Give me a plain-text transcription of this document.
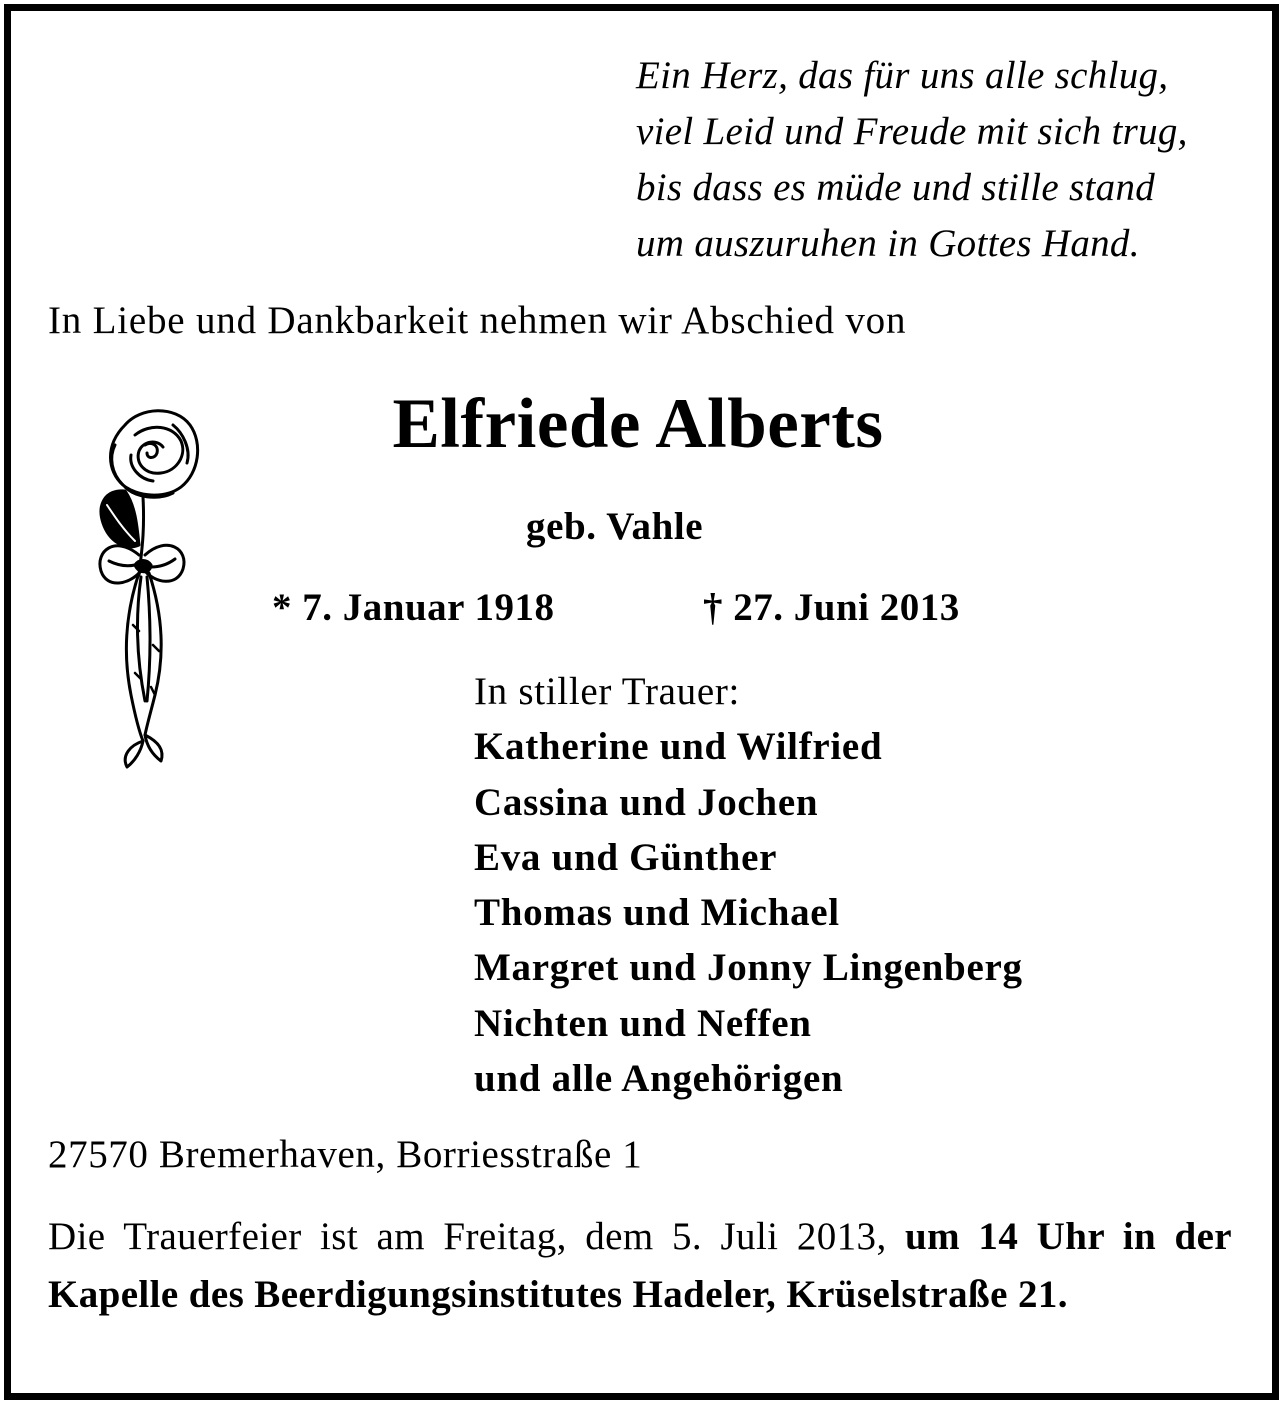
Ein Herz, das für uns alle schlug,
viel Leid und Freude mit sich trug,
bis dass es müde und stille stand
um auszuruhen in Gottes Hand.
In Liebe und Dankbarkeit nehmen wir Abschied von
Elfriede Alberts
geb. Vahle
* 7. Januar 1918	† 27. Juni 2013
In stiller Trauer:
Katherine und Wilfried
Cassina und Jochen
Eva und Günther
Thomas und Michael
Margret und Jonny Lingenberg
Nichten und Neffen
und alle Angehörigen
27570 Bremerhaven, Borriesstraße 1
Die Trauerfeier ist am Freitag, dem 5. Juli 2013, um 14 Uhr in der Kapelle des Beerdigungsinstitutes Hadeler, Krüselstraße 21.
